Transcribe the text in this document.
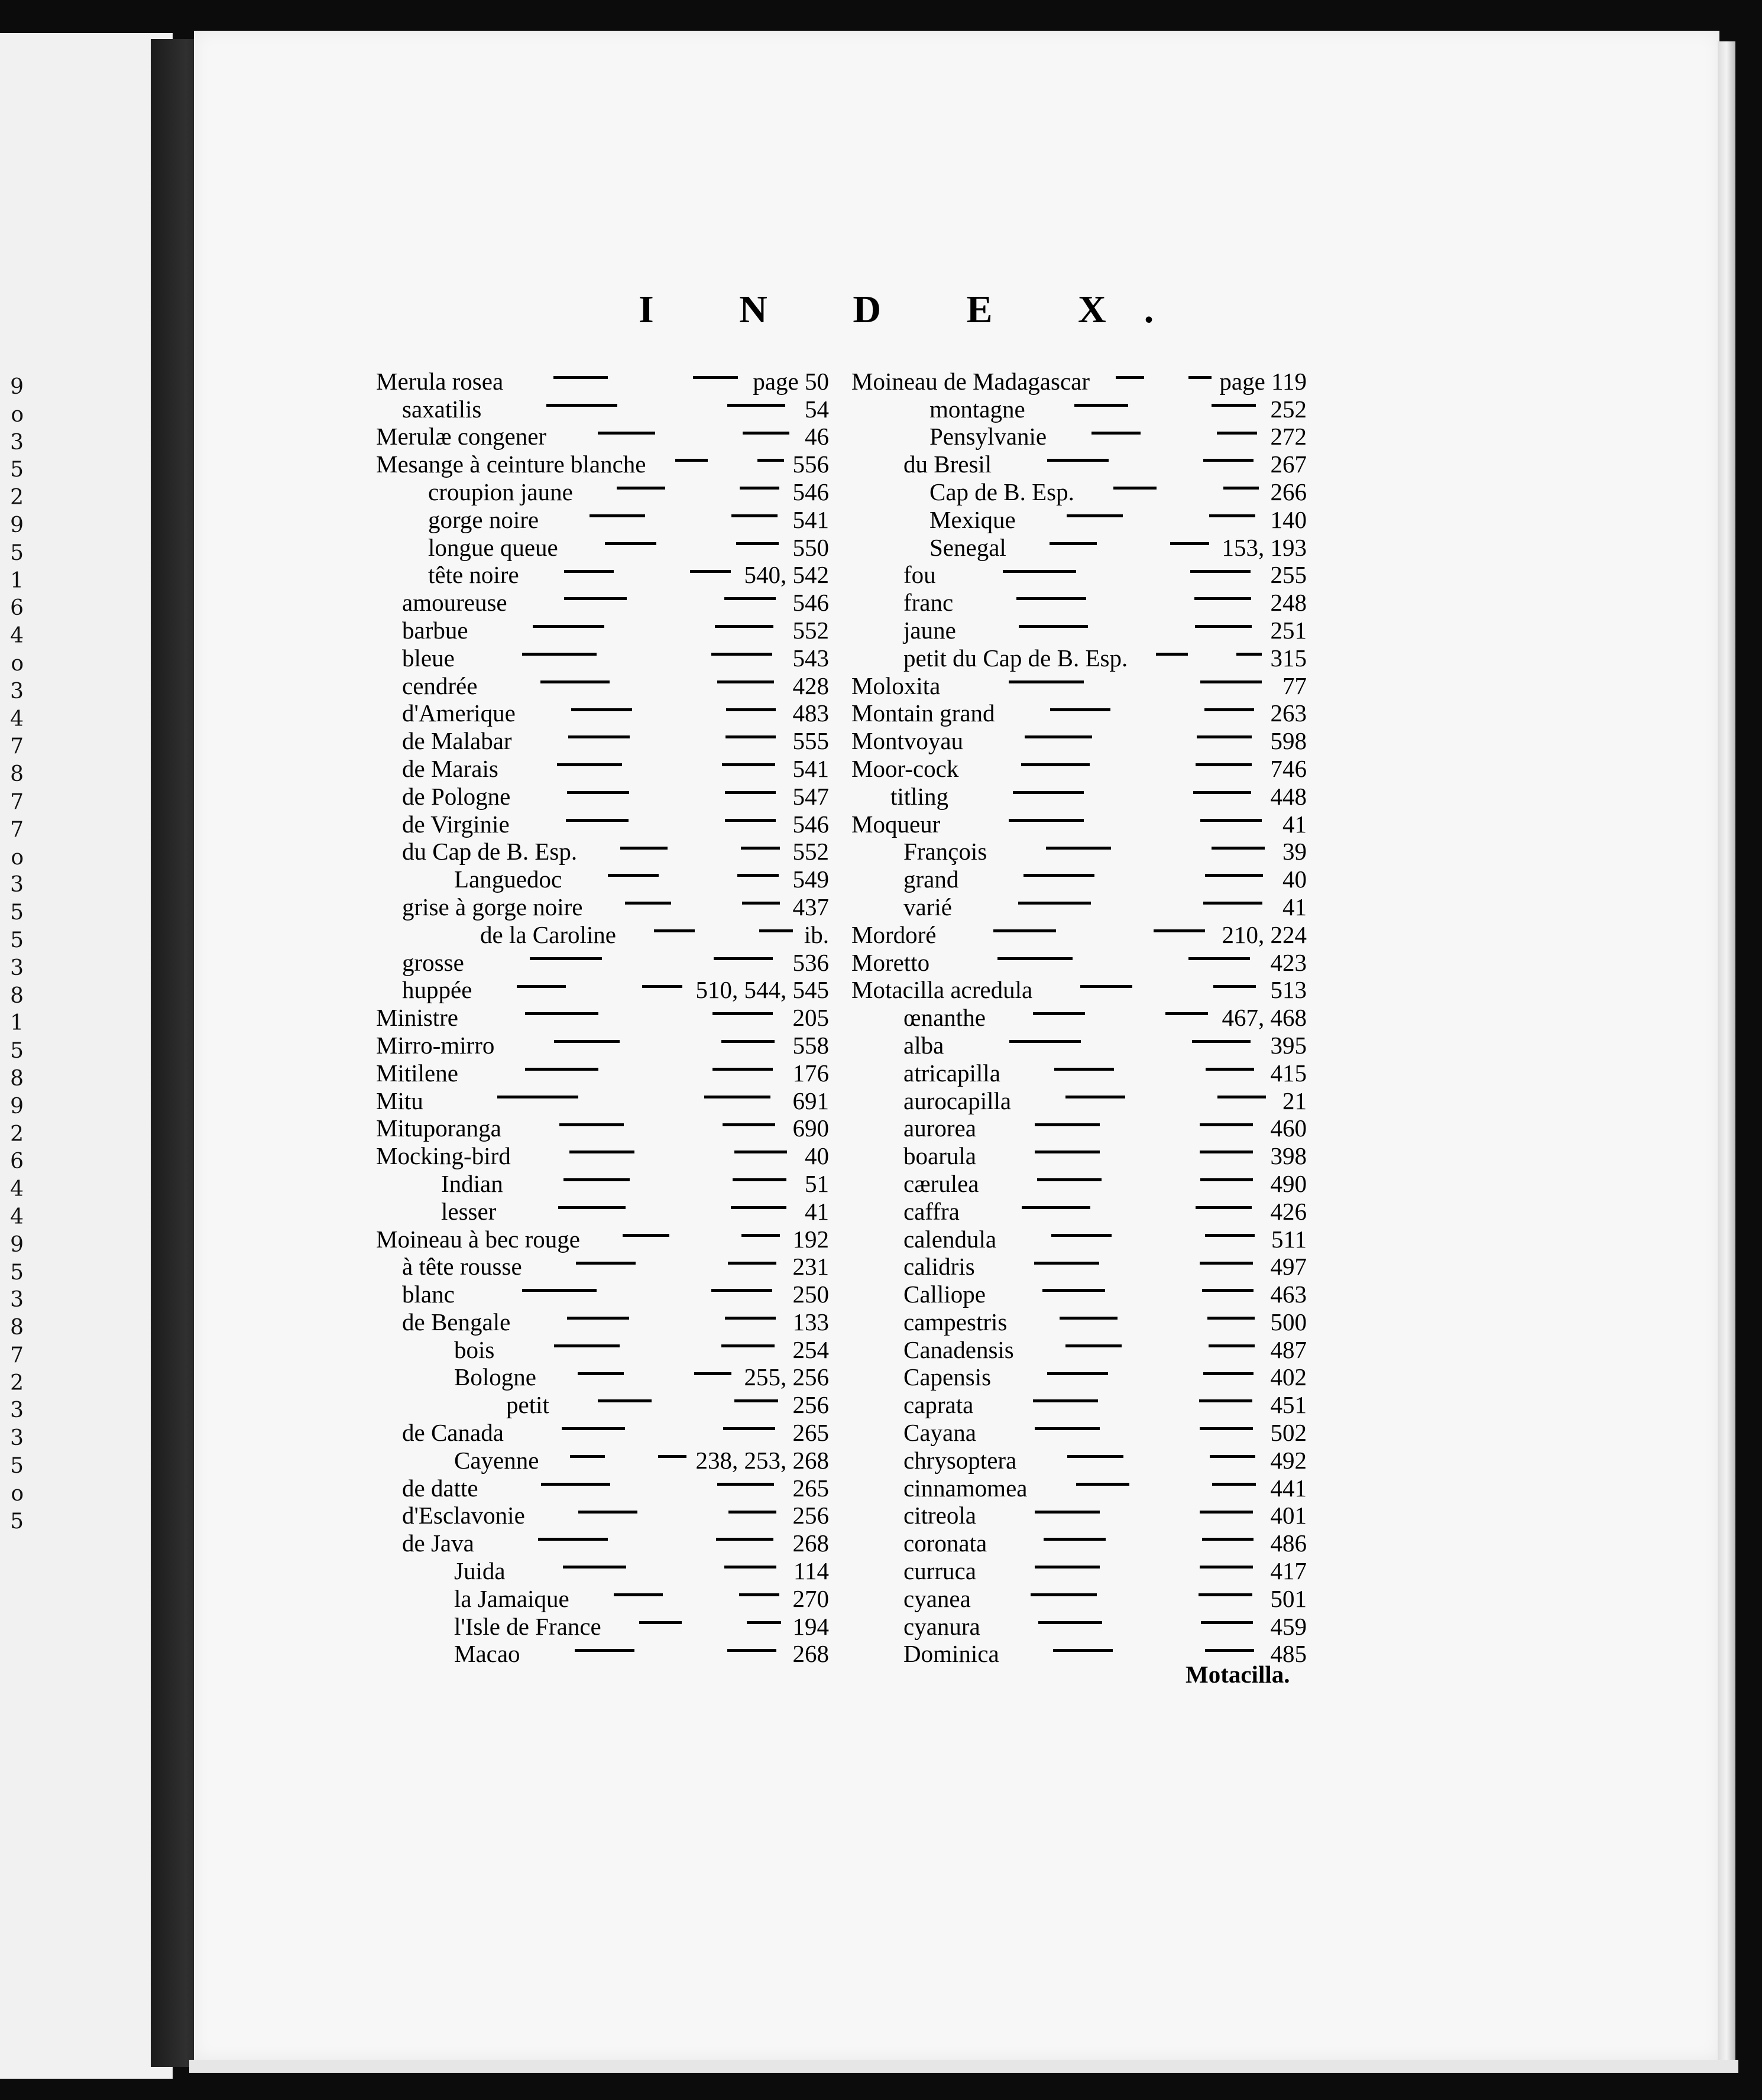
9
o
3
5
2
9
5
1
6
4
o
3
4
7
8
7
7
o
3
5
5
3
8
1
5
8
9
2
6
4
4
9
5
3
8
7
2
3
3
5
o
5
I N D E X.
Merula rosea	page 50
saxatilis	54
Merulæ congener	46
Mesange à ceinture blanche	556
croupion jaune	546
gorge noire	541
longue queue	550
tête noire	540, 542
amoureuse	546
barbue	552
bleue	543
cendrée	428
d'Amerique	483
de Malabar	555
de Marais	541
de Pologne	547
de Virginie	546
du Cap de B. Esp.	552
Languedoc	549
grise à gorge noire	437
de la Caroline	ib.
grosse	536
huppée	510, 544, 545
Ministre	205
Mirro-mirro	558
Mitilene	176
Mitu	691
Mituporanga	690
Mocking-bird	40
Indian	51
lesser	41
Moineau à bec rouge	192
à tête rousse	231
blanc	250
de Bengale	133
bois	254
Bologne	255, 256
petit	256
de Canada	265
Cayenne	238, 253, 268
de datte	265
d'Esclavonie	256
de Java	268
Juida	114
la Jamaique	270
l'Isle de France	194
Macao	268
Moineau de Madagascar	page 119
montagne	252
Pensylvanie	272
du Bresil	267
Cap de B. Esp.	266
Mexique	140
Senegal	153, 193
fou	255
franc	248
jaune	251
petit du Cap de B. Esp.	315
Moloxita	77
Montain grand	263
Montvoyau	598
Moor-cock	746
titling	448
Moqueur	41
François	39
grand	40
varié	41
Mordoré	210, 224
Moretto	423
Motacilla acredula	513
œnanthe	467, 468
alba	395
atricapilla	415
aurocapilla	21
aurorea	460
boarula	398
cærulea	490
caffra	426
calendula	511
calidris	497
Calliope	463
campestris	500
Canadensis	487
Capensis	402
caprata	451
Cayana	502
chrysoptera	492
cinnamomea	441
citreola	401
coronata	486
curruca	417
cyanea	501
cyanura	459
Dominica	485
Motacilla.
